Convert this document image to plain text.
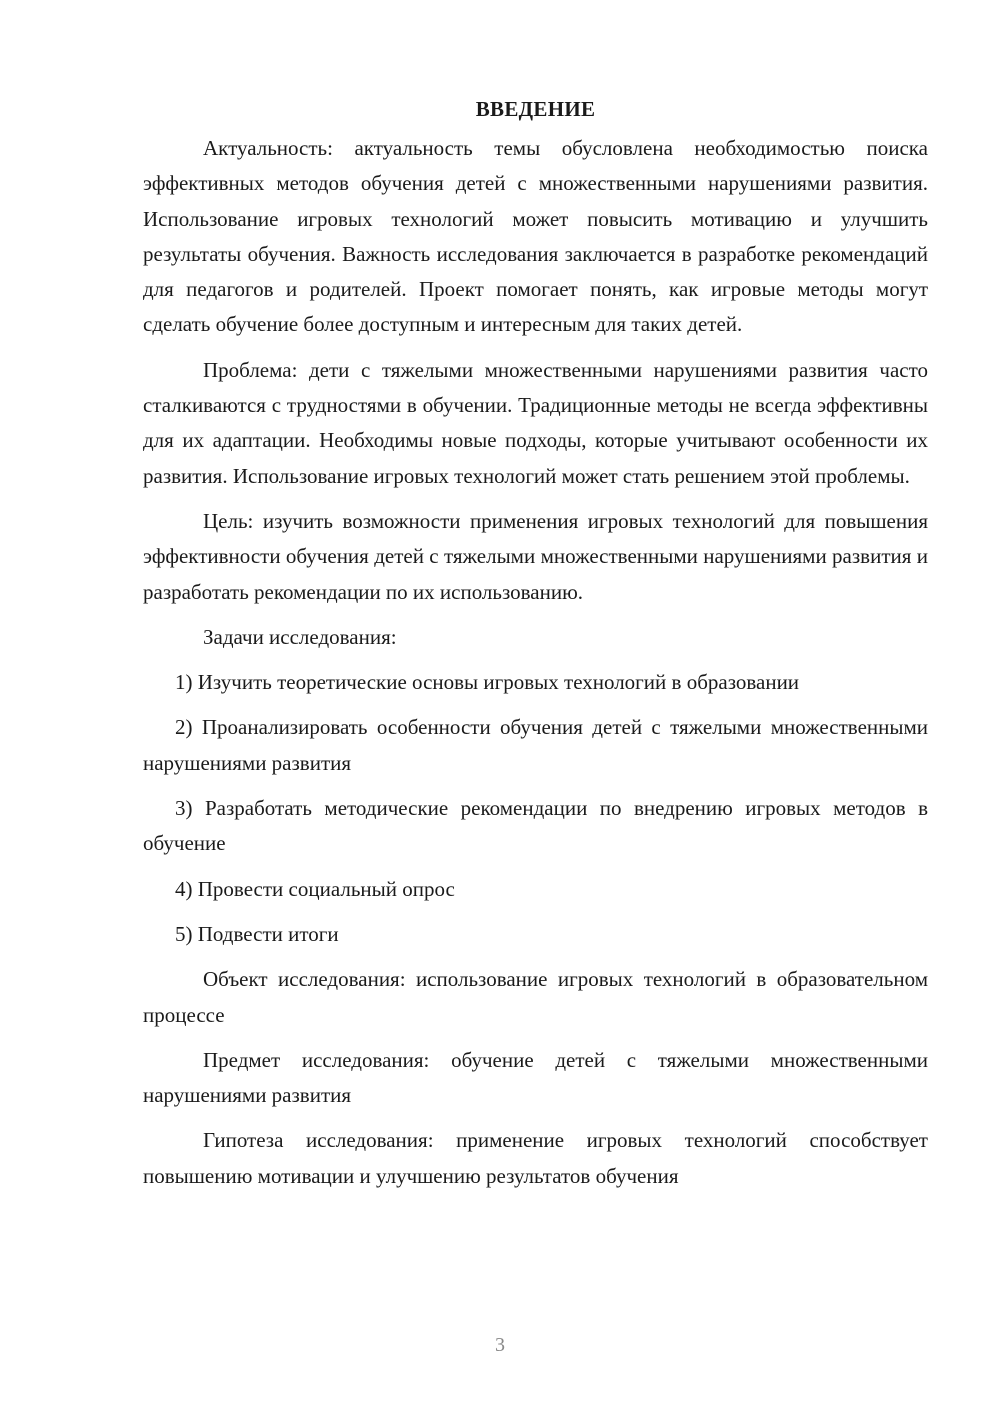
ВВЕДЕНИЕ

Актуальность: актуальность темы обусловлена необходимостью поиска эффективных методов обучения детей с множественными нарушениями развития. Использование игровых технологий может повысить мотивацию и улучшить результаты обучения. Важность исследования заключается в разработке рекомендаций для педагогов и родителей. Проект помогает понять, как игровые методы могут сделать обучение более доступным и интересным для таких детей.

Проблема: дети с тяжелыми множественными нарушениями развития часто сталкиваются с трудностями в обучении. Традиционные методы не всегда эффективны для их адаптации. Необходимы новые подходы, которые учитывают особенности их развития. Использование игровых технологий может стать решением этой проблемы.

Цель: изучить возможности применения игровых технологий для повышения эффективности обучения детей с тяжелыми множественными нарушениями развития и разработать рекомендации по их использованию.

Задачи исследования:

1) Изучить теоретические основы игровых технологий в образовании

2) Проанализировать особенности обучения детей с тяжелыми множественными нарушениями развития

3) Разработать методические рекомендации по внедрению игровых методов в обучение

4) Провести социальный опрос

5) Подвести итоги

Объект исследования: использование игровых технологий в образовательном процессе

Предмет исследования: обучение детей с тяжелыми множественными нарушениями развития

Гипотеза исследования: применение игровых технологий способствует повышению мотивации и улучшению результатов обучения

3
